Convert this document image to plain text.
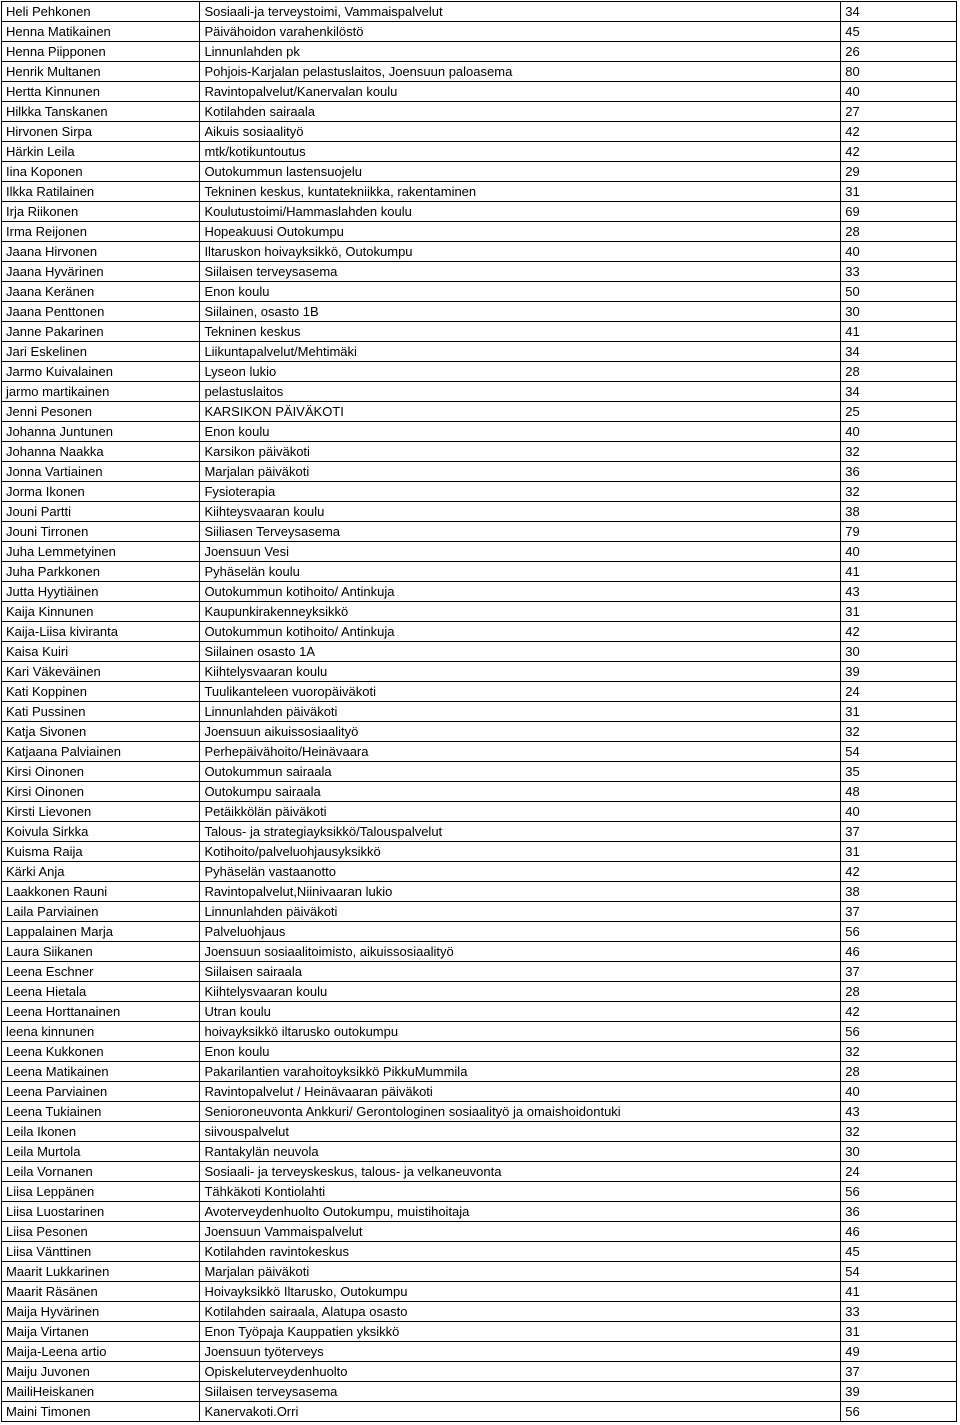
Heli Pehkonen	Sosiaali-ja terveystoimi, Vammaispalvelut	34
Henna Matikainen	Päivähoidon varahenkilöstö	45
Henna Piipponen	Linnunlahden pk	26
Henrik Multanen	Pohjois-Karjalan pelastuslaitos, Joensuun paloasema	80
Hertta Kinnunen	Ravintopalvelut/Kanervalan koulu	40
Hilkka Tanskanen	Kotilahden sairaala	27
Hirvonen Sirpa	Aikuis sosiaalityö	42
Härkin Leila	mtk/kotikuntoutus	42
Iina Koponen	Outokummun lastensuojelu	29
Ilkka Ratilainen	Tekninen keskus, kuntatekniikka, rakentaminen	31
Irja Riikonen	Koulutustoimi/Hammaslahden koulu	69
Irma Reijonen	Hopeakuusi Outokumpu	28
Jaana Hirvonen	Iltaruskon hoivayksikkö, Outokumpu	40
Jaana Hyvärinen	Siilaisen terveysasema	33
Jaana Keränen	Enon koulu	50
Jaana Penttonen	Siilainen, osasto 1B	30
Janne Pakarinen	Tekninen keskus	41
Jari Eskelinen	Liikuntapalvelut/Mehtimäki	34
Jarmo Kuivalainen	Lyseon lukio	28
jarmo martikainen	pelastuslaitos	34
Jenni Pesonen	KARSIKON PÄIVÄKOTI	25
Johanna Juntunen	Enon koulu	40
Johanna Naakka	Karsikon päiväkoti	32
Jonna Vartiainen	Marjalan päiväkoti	36
Jorma Ikonen	Fysioterapia	32
Jouni Partti	Kiihteysvaaran koulu	38
Jouni Tirronen	Siiliasen Terveysasema	79
Juha Lemmetyinen	Joensuun Vesi	40
Juha Parkkonen	Pyhäselän koulu	41
Jutta Hyytiäinen	Outokummun kotihoito/ Antinkuja	43
Kaija Kinnunen	Kaupunkirakenneyksikkö	31
Kaija-Liisa kiviranta	Outokummun kotihoito/ Antinkuja	42
Kaisa Kuiri	Siilainen osasto 1A	30
Kari Väkeväinen	Kiihtelysvaaran koulu	39
Kati Koppinen	Tuulikanteleen vuoropäiväkoti	24
Kati Pussinen	Linnunlahden päiväkoti	31
Katja Sivonen	Joensuun aikuissosiaalityö	32
Katjaana Palviainen	Perhepäivähoito/Heinävaara	54
Kirsi Oinonen	Outokummun sairaala	35
Kirsi Oinonen	Outokumpu sairaala	48
Kirsti Lievonen	Petäikkölän päiväkoti	40
Koivula Sirkka	Talous- ja strategiayksikkö/Talouspalvelut	37
Kuisma Raija	Kotihoito/palveluohjausyksikkö	31
Kärki Anja	Pyhäselän vastaanotto	42
Laakkonen Rauni	Ravintopalvelut,Niinivaaran lukio	38
Laila Parviainen	Linnunlahden päiväkoti	37
Lappalainen Marja	Palveluohjaus	56
Laura Siikanen	Joensuun sosiaalitoimisto, aikuissosiaalityö	46
Leena Eschner	Siilaisen sairaala	37
Leena Hietala	Kiihtelysvaaran koulu	28
Leena Horttanainen	Utran koulu	42
leena kinnunen	hoivayksikkö iltarusko outokumpu	56
Leena Kukkonen	Enon koulu	32
Leena Matikainen	Pakarilantien varahoitoyksikkö PikkuMummila	28
Leena Parviainen	Ravintopalvelut / Heinävaaran päiväkoti	40
Leena Tukiainen	Senioroneuvonta Ankkuri/ Gerontologinen sosiaalityö ja omaishoidontuki	43
Leila Ikonen	siivouspalvelut	32
Leila Murtola	Rantakylän neuvola	30
Leila Vornanen	Sosiaali- ja terveyskeskus, talous- ja velkaneuvonta	24
Liisa Leppänen	Tähkäkoti Kontiolahti	56
Liisa Luostarinen	Avoterveydenhuolto Outokumpu, muistihoitaja	36
Liisa Pesonen	Joensuun Vammaispalvelut	46
Liisa Vänttinen	Kotilahden ravintokeskus	45
Maarit Lukkarinen	Marjalan päiväkoti	54
Maarit Räsänen	Hoivayksikkö Iltarusko, Outokumpu	41
Maija Hyvärinen	Kotilahden sairaala, Alatupa osasto	33
Maija Virtanen	Enon Työpaja Kauppatien yksikkö	31
Maija-Leena artio	Joensuun työterveys	49
Maiju Juvonen	Opiskeluterveydenhuolto	37
MailiHeiskanen	Siilaisen terveysasema	39
Maini Timonen	Kanervakoti.Orri	56
